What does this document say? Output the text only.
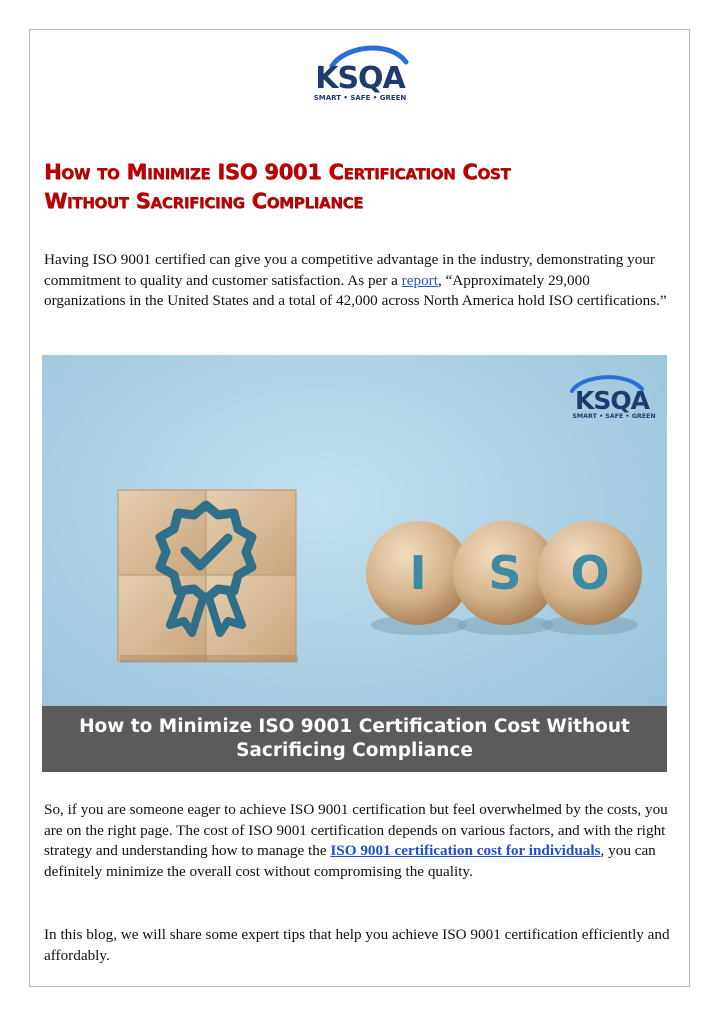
KSQA
SMART • SAFE • GREEN
How to Minimize ISO 9001 Certification Cost
Without Sacrificing Compliance

Having ISO 9001 certified can give you a competitive advantage in the industry, demonstrating your commitment to quality and customer satisfaction. As per a report, “Approximately 29,000 organizations in the United States and a total of 42,000 across North America hold ISO certifications.”

I S O
KSQA
SMART • SAFE • GREEN
How to Minimize ISO 9001 Certification Cost Without
Sacrificing Compliance

So, if you are someone eager to achieve ISO 9001 certification but feel overwhelmed by the costs, you are on the right page. The cost of ISO 9001 certification depends on various factors, and with the right strategy and understanding how to manage the ISO 9001 certification cost for individuals, you can definitely minimize the overall cost without compromising the quality.

In this blog, we will share some expert tips that help you achieve ISO 9001 certification efficiently and affordably.
